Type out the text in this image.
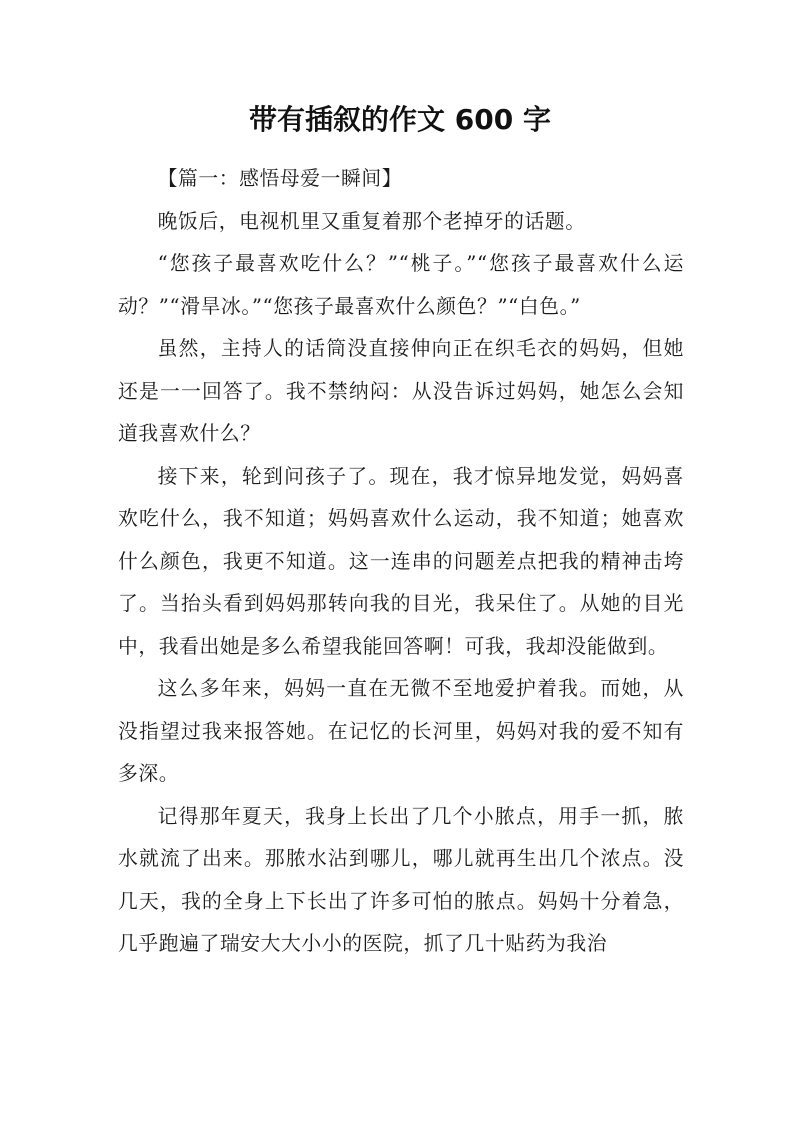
带有插叙的作文 600 字

【篇一：感悟母爱一瞬间】

晚饭后，电视机里又重复着那个老掉牙的话题。

“您孩子最喜欢吃什么？”“桃子。”“您孩子最喜欢什么运动？”“滑旱冰。”“您孩子最喜欢什么颜色？”“白色。”

虽然，主持人的话筒没直接伸向正在织毛衣的妈妈，但她还是一一回答了。我不禁纳闷：从没告诉过妈妈，她怎么会知道我喜欢什么？

接下来，轮到问孩子了。现在，我才惊异地发觉，妈妈喜欢吃什么，我不知道；妈妈喜欢什么运动，我不知道；她喜欢什么颜色，我更不知道。这一连串的问题差点把我的精神击垮了。当抬头看到妈妈那转向我的目光，我呆住了。从她的目光中，我看出她是多么希望我能回答啊！可我，我却没能做到。

这么多年来，妈妈一直在无微不至地爱护着我。而她，从没指望过我来报答她。在记忆的长河里，妈妈对我的爱不知有多深。

记得那年夏天，我身上长出了几个小脓点，用手一抓，脓水就流了出来。那脓水沾到哪儿，哪儿就再生出几个浓点。没几天，我的全身上下长出了许多可怕的脓点。妈妈十分着急，几乎跑遍了瑞安大大小小的医院，抓了几十贴药为我治
